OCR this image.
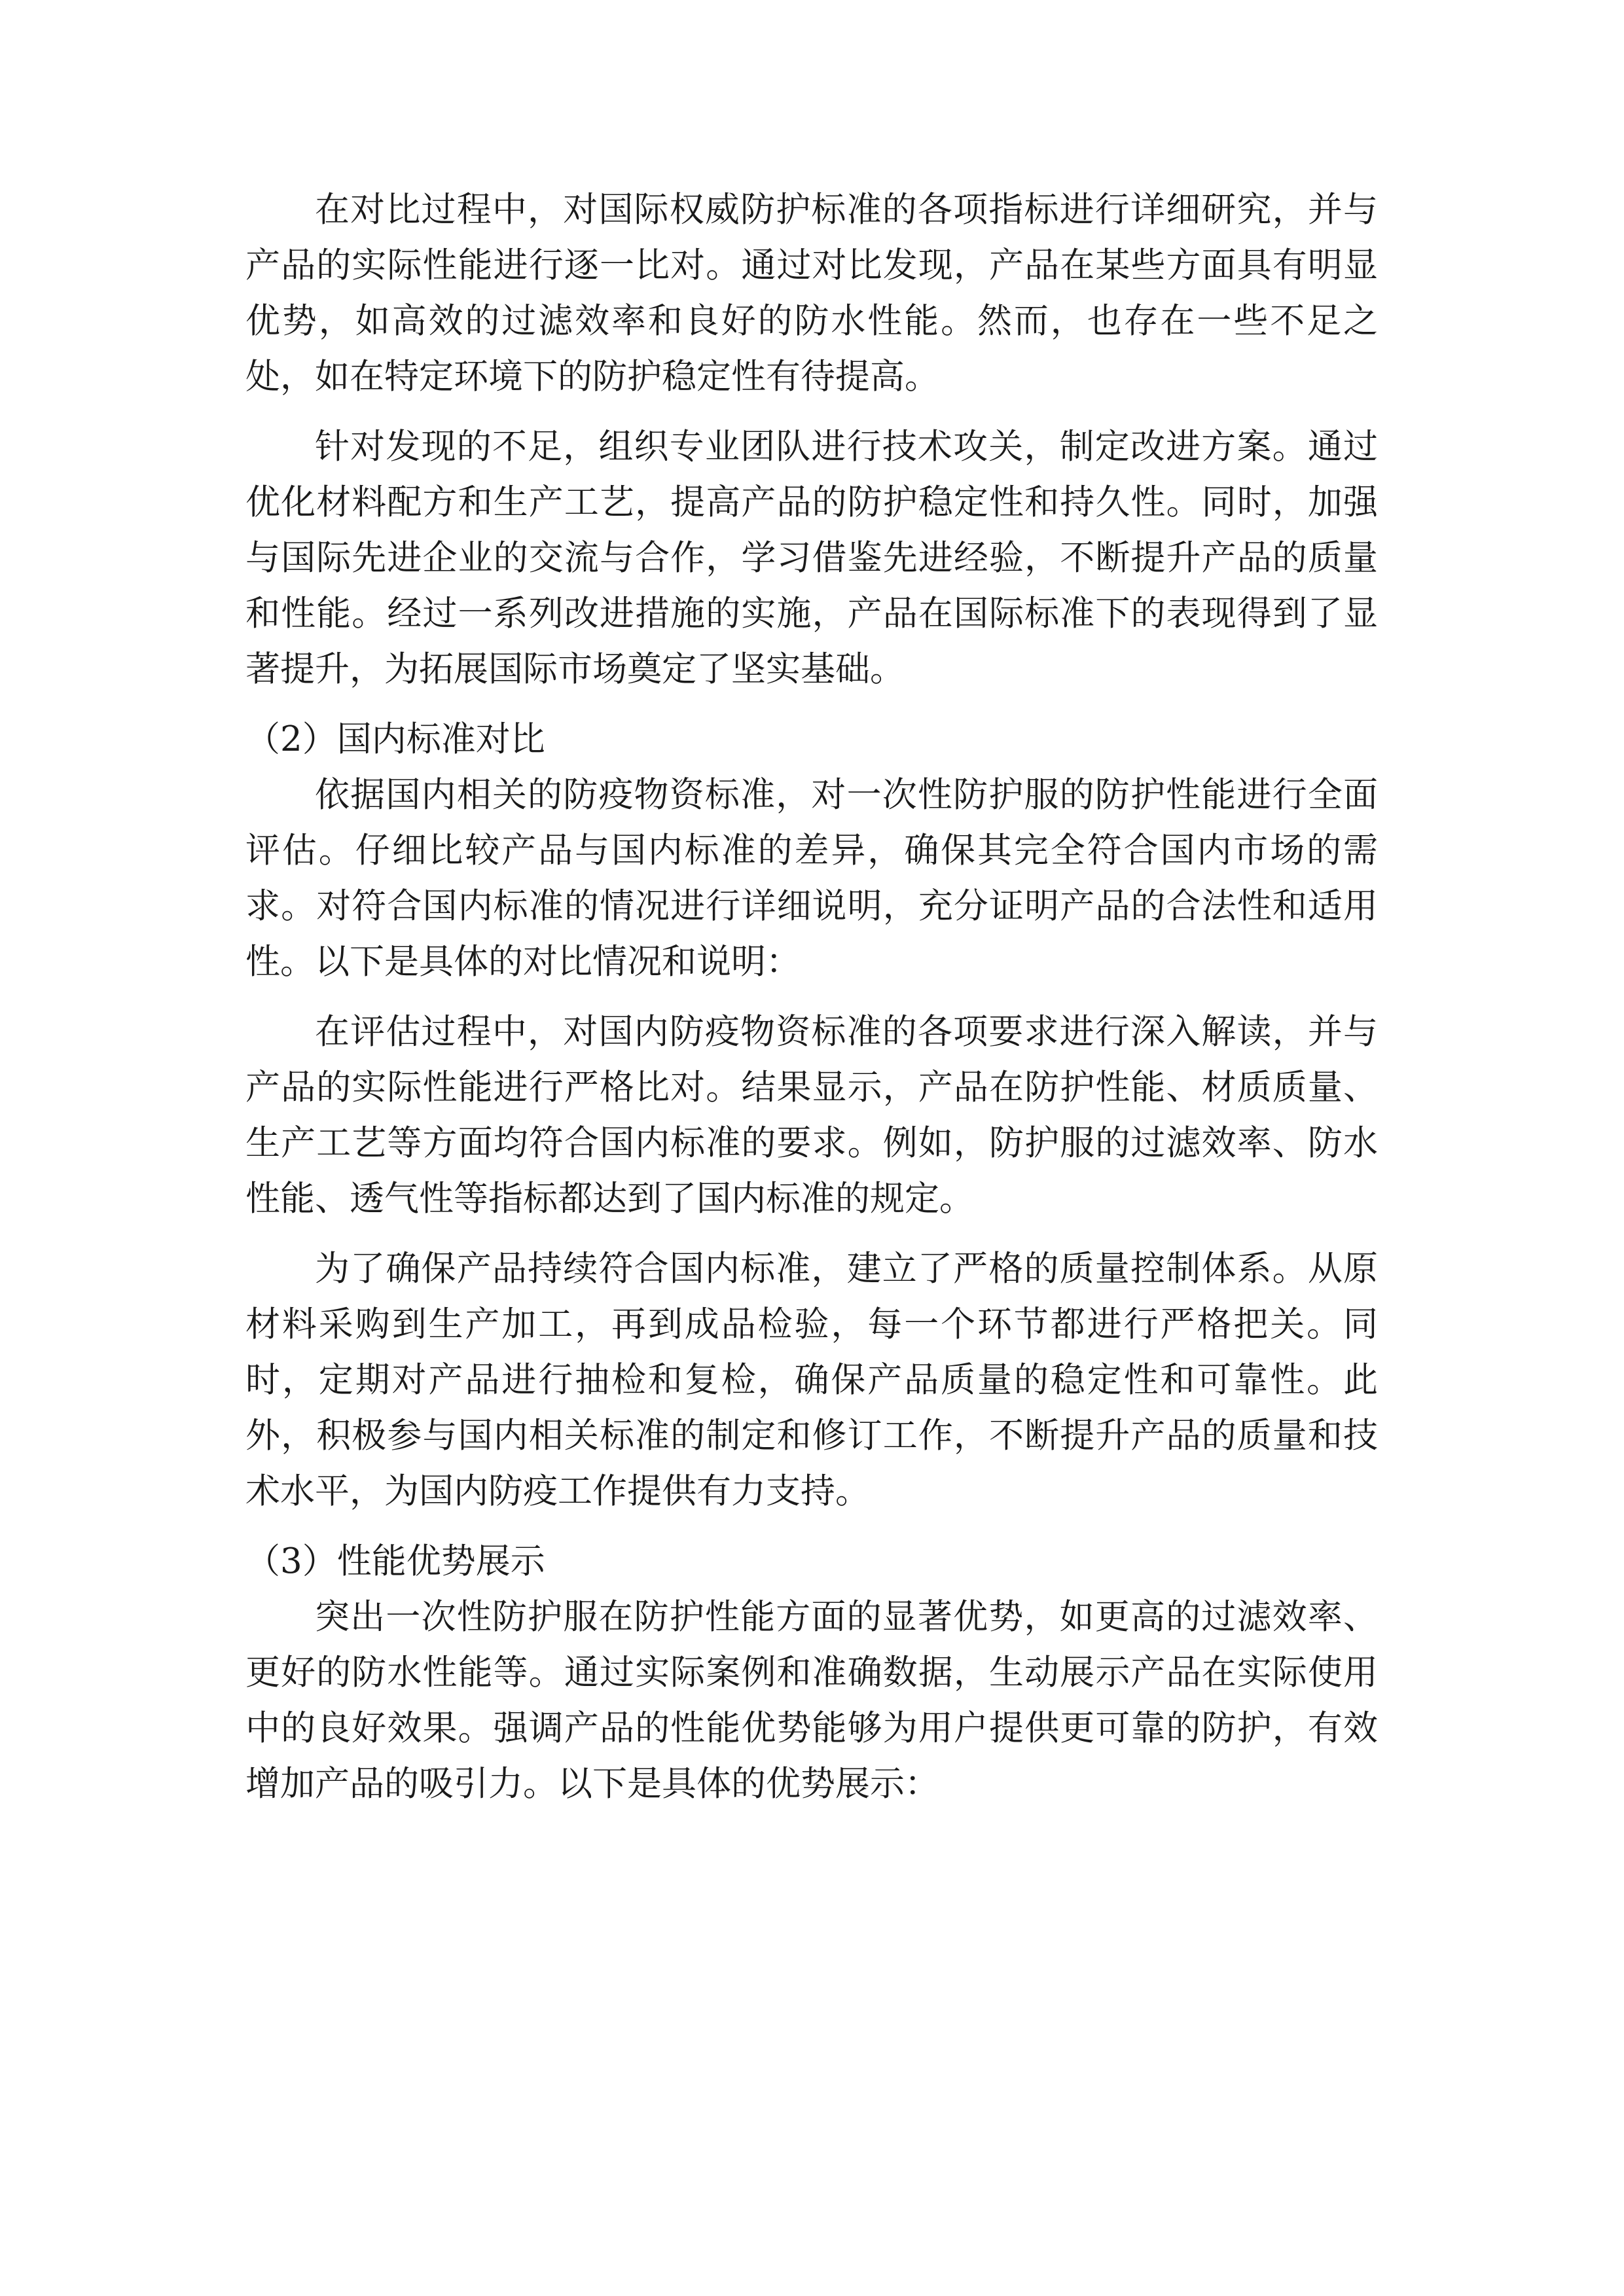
在对比过程中，对国际权威防护标准的各项指标进行详细研究，并与产品的实际性能进行逐一比对。通过对比发现，产品在某些方面具有明显优势，如高效的过滤效率和良好的防水性能。然而，也存在一些不足之处，如在特定环境下的防护稳定性有待提高。

针对发现的不足，组织专业团队进行技术攻关，制定改进方案。通过优化材料配方和生产工艺，提高产品的防护稳定性和持久性。同时，加强与国际先进企业的交流与合作，学习借鉴先进经验，不断提升产品的质量和性能。经过一系列改进措施的实施，产品在国际标准下的表现得到了显著提升，为拓展国际市场奠定了坚实基础。

（2）国内标准对比

依据国内相关的防疫物资标准，对一次性防护服的防护性能进行全面评估。仔细比较产品与国内标准的差异，确保其完全符合国内市场的需求。对符合国内标准的情况进行详细说明，充分证明产品的合法性和适用性。以下是具体的对比情况和说明：

在评估过程中，对国内防疫物资标准的各项要求进行深入解读，并与产品的实际性能进行严格比对。结果显示，产品在防护性能、材质质量、生产工艺等方面均符合国内标准的要求。例如，防护服的过滤效率、防水性能、透气性等指标都达到了国内标准的规定。

为了确保产品持续符合国内标准，建立了严格的质量控制体系。从原材料采购到生产加工，再到成品检验，每一个环节都进行严格把关。同时，定期对产品进行抽检和复检，确保产品质量的稳定性和可靠性。此外，积极参与国内相关标准的制定和修订工作，不断提升产品的质量和技术水平，为国内防疫工作提供有力支持。

（3）性能优势展示

突出一次性防护服在防护性能方面的显著优势，如更高的过滤效率、更好的防水性能等。通过实际案例和准确数据，生动展示产品在实际使用中的良好效果。强调产品的性能优势能够为用户提供更可靠的防护，有效增加产品的吸引力。以下是具体的优势展示：
